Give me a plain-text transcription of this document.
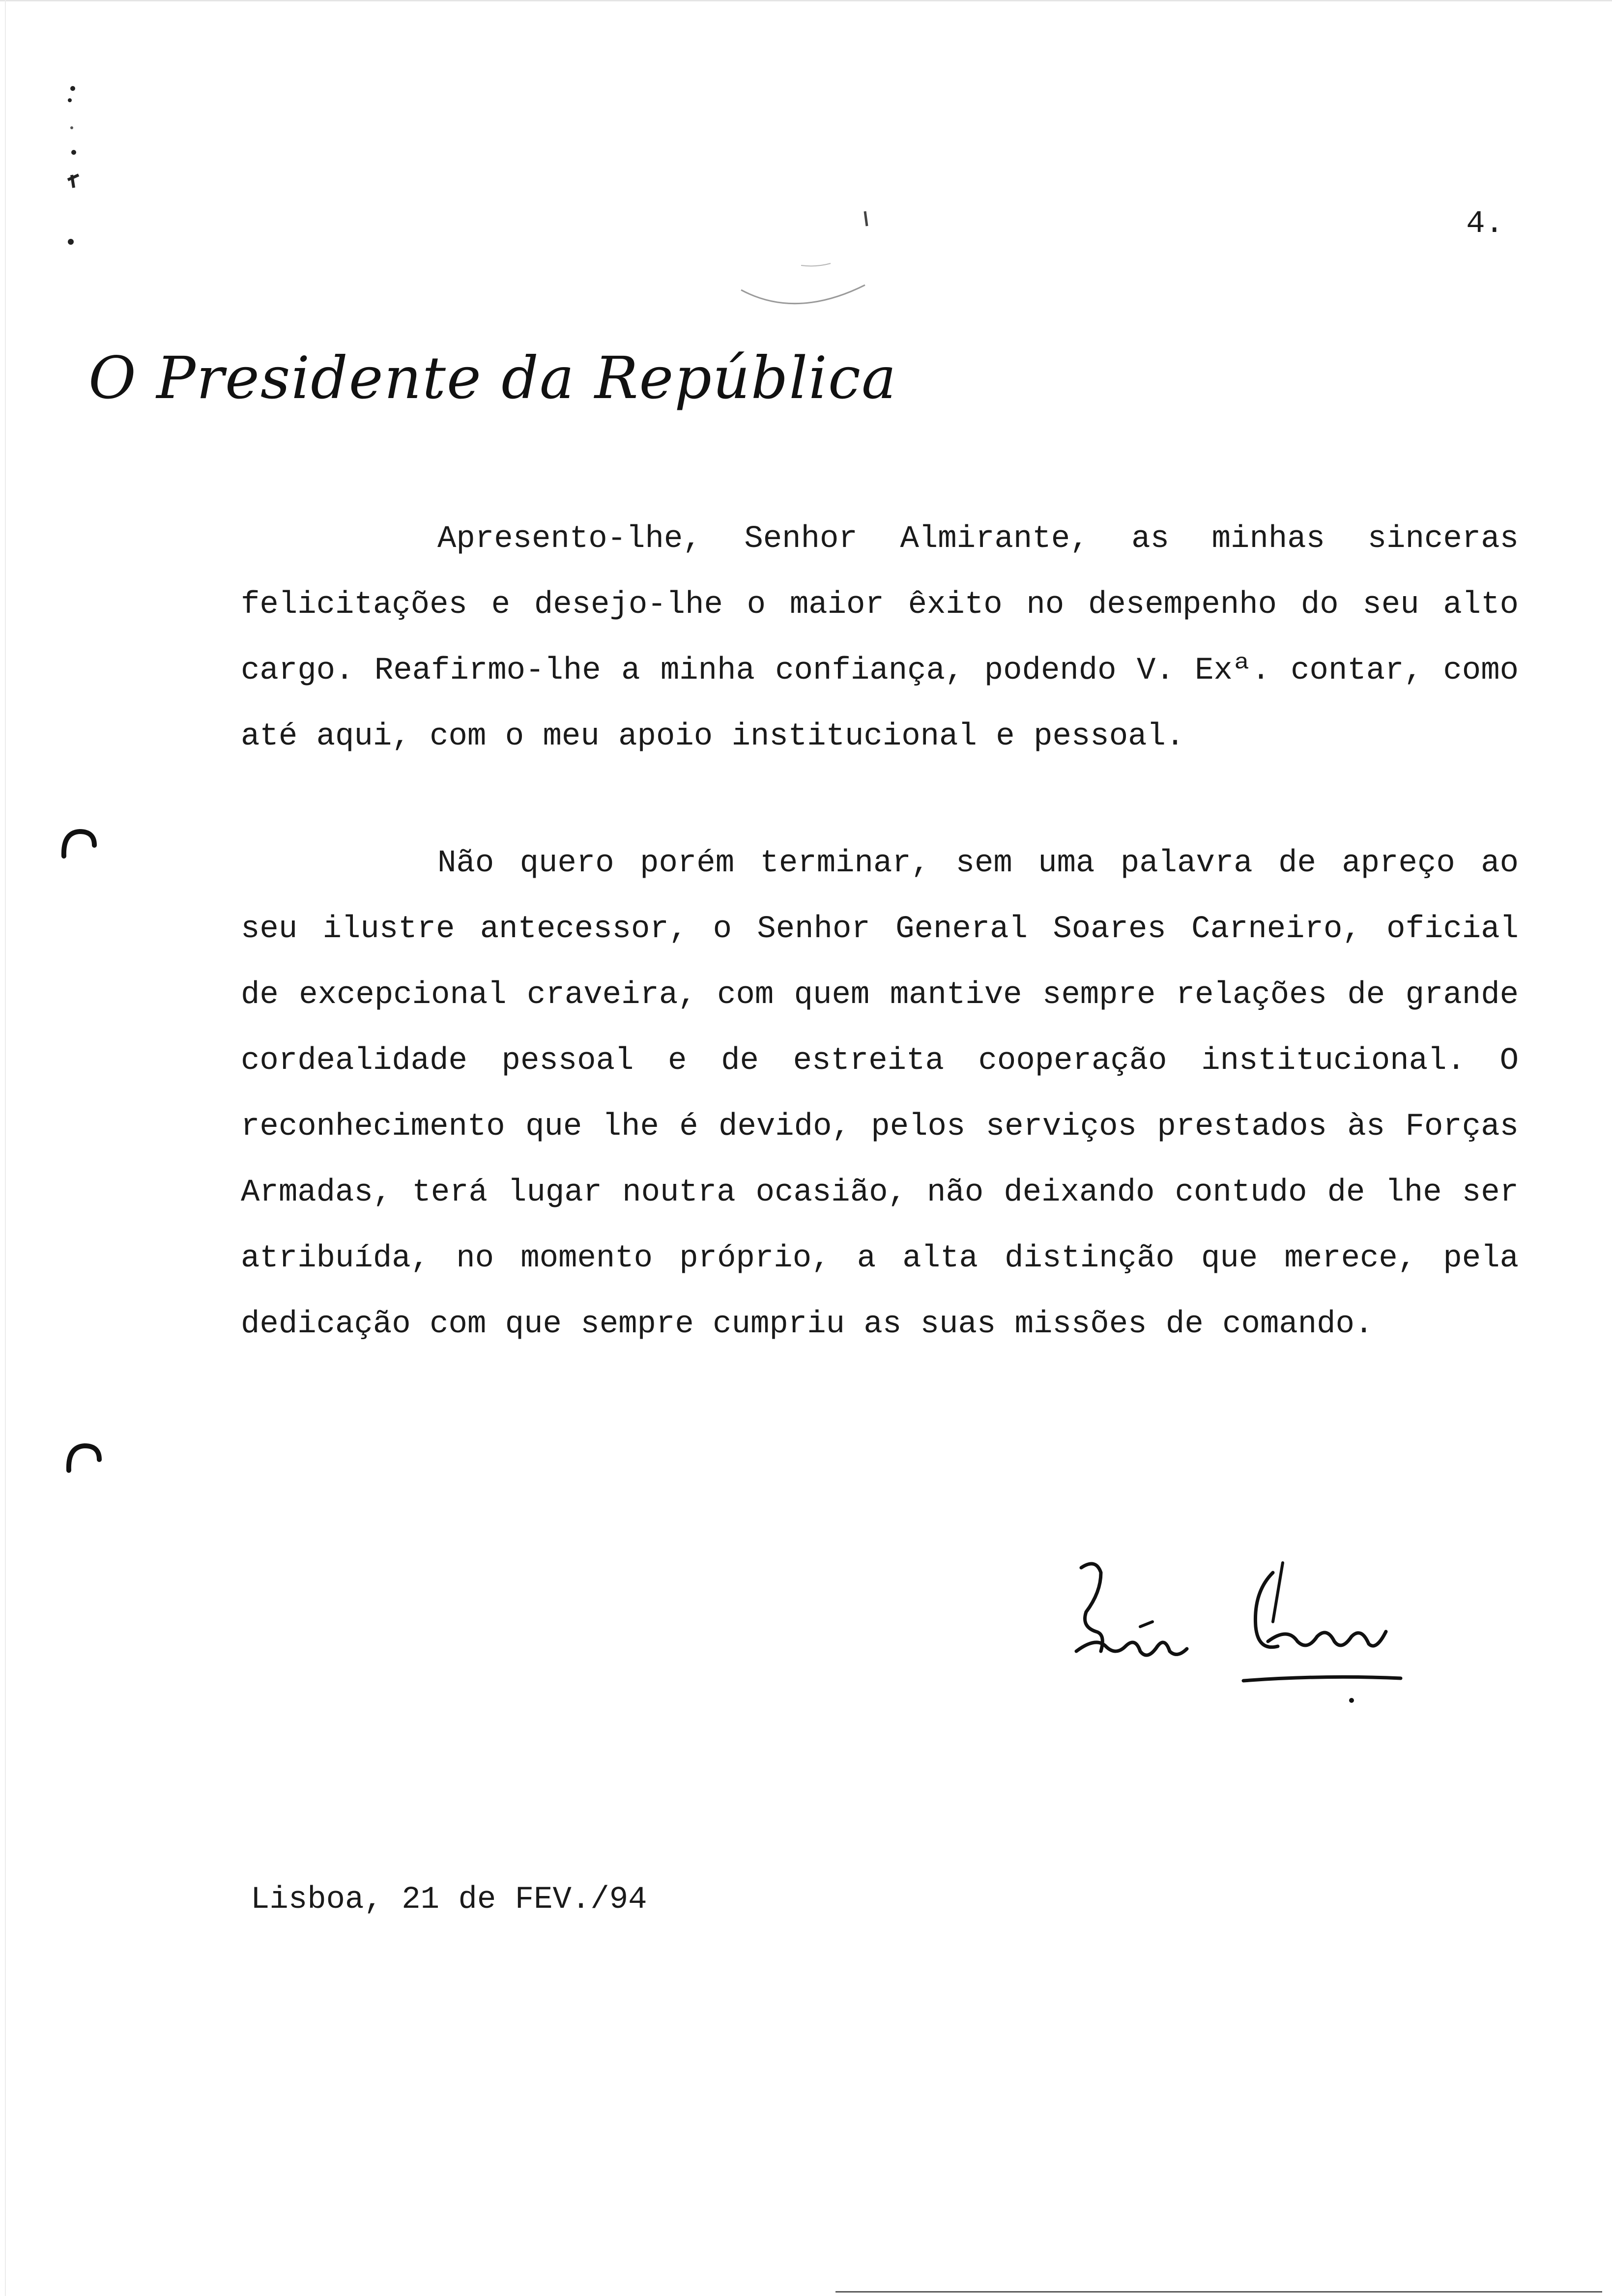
4.
O Presidente da República

Apresento-lhe, Senhor Almirante, as minhas sinceras felicitações e desejo-lhe o maior êxito no desempenho do seu alto cargo. Reafirmo-lhe a minha confiança, podendo V. Exª. contar, como até aqui, com o meu apoio institucional e pessoal.

Não quero porém terminar, sem uma palavra de apreço ao seu ilustre antecessor, o Senhor General Soares Carneiro, oficial de excepcional craveira, com quem mantive sempre relações de grande cordealidade pessoal e de estreita cooperação institucional. O reconhecimento que lhe é devido, pelos serviços prestados às Forças Armadas, terá lugar noutra ocasião, não deixando contudo de lhe ser atribuída, no momento próprio, a alta distinção que merece, pela dedicação com que sempre cumpriu as suas missões de comando.

Lisboa, 21 de FEV./94
